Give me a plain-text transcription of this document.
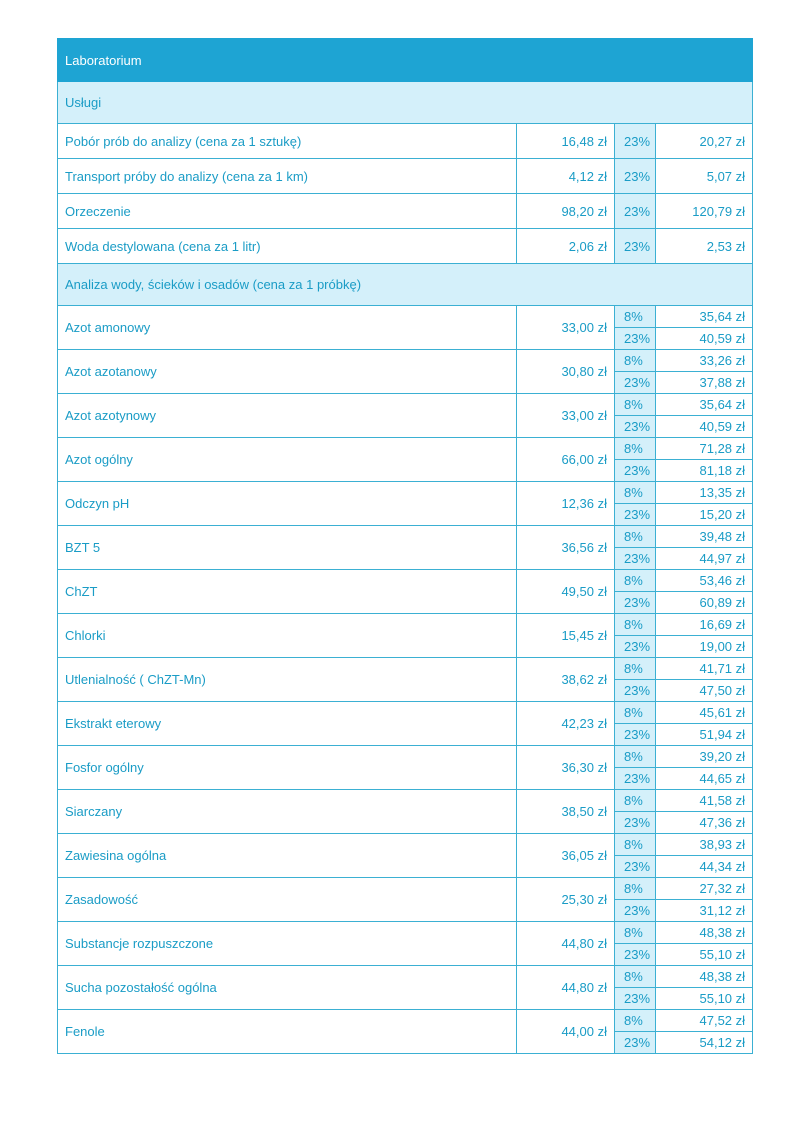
Laboratorium			
Usługi			
Pobór prób do analizy (cena za 1 sztukę)	16,48 zł	23%	20,27 zł
Transport próby do analizy (cena za 1 km)	4,12 zł	23%	5,07 zł
Orzeczenie	98,20 zł	23%	120,79 zł
Woda destylowana (cena za 1 litr)	2,06 zł	23%	2,53 zł
Analiza wody, ścieków i osadów (cena za 1 próbkę)			
Azot amonowy	33,00 zł	8%	35,64 zł
		23%	40,59 zł
Azot azotanowy	30,80 zł	8%	33,26 zł
		23%	37,88 zł
Azot azotynowy	33,00 zł	8%	35,64 zł
		23%	40,59 zł
Azot ogólny	66,00 zł	8%	71,28 zł
		23%	81,18 zł
Odczyn pH	12,36 zł	8%	13,35 zł
		23%	15,20 zł
BZT 5	36,56 zł	8%	39,48 zł
		23%	44,97 zł
ChZT	49,50 zł	8%	53,46 zł
		23%	60,89 zł
Chlorki	15,45 zł	8%	16,69 zł
		23%	19,00 zł
Utlenialność ( ChZT-Mn)	38,62 zł	8%	41,71 zł
		23%	47,50 zł
Ekstrakt eterowy	42,23 zł	8%	45,61 zł
		23%	51,94 zł
Fosfor ogólny	36,30 zł	8%	39,20 zł
		23%	44,65 zł
Siarczany	38,50 zł	8%	41,58 zł
		23%	47,36 zł
Zawiesina ogólna	36,05 zł	8%	38,93 zł
		23%	44,34 zł
Zasadowość	25,30 zł	8%	27,32 zł
		23%	31,12 zł
Substancje rozpuszczone	44,80 zł	8%	48,38 zł
		23%	55,10 zł
Sucha pozostałość ogólna	44,80 zł	8%	48,38 zł
		23%	55,10 zł
Fenole	44,00 zł	8%	47,52 zł
		23%	54,12 zł
